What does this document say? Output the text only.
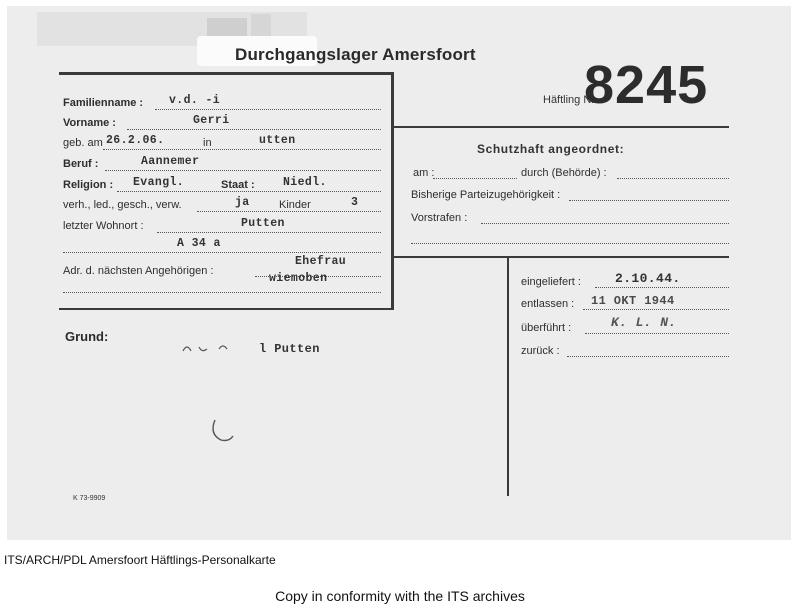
Durchgangslager Amersfoort
Häftling Nr.
8245
Familienname : v.d. -i
Vorname :	Gerri
geb. am 26.2.06.	in	utten
Beruf :	Aannemer
Religion : Evangl.	Staat : Niedl.
verh., led., gesch., verw.	ja	Kinder	3
letzter Wohnort :	Putten
A 34 a
Adr. d. nächsten Angehörigen :
Ehefrau
wiemoben
Grund:
l Putten
K 73-9909
Schutzhaft angeordnet:
am :	durch (Behörde) :
Bisherige Parteizugehörigkeit :
Vorstrafen :
eingeliefert :	2.10.44.
entlassen : 11 OKT 1944
überführt :	K. L. N.
zurück :
ITS/ARCH/PDL Amersfoort Häftlings-Personalkarte
Copy in conformity with the ITS archives
